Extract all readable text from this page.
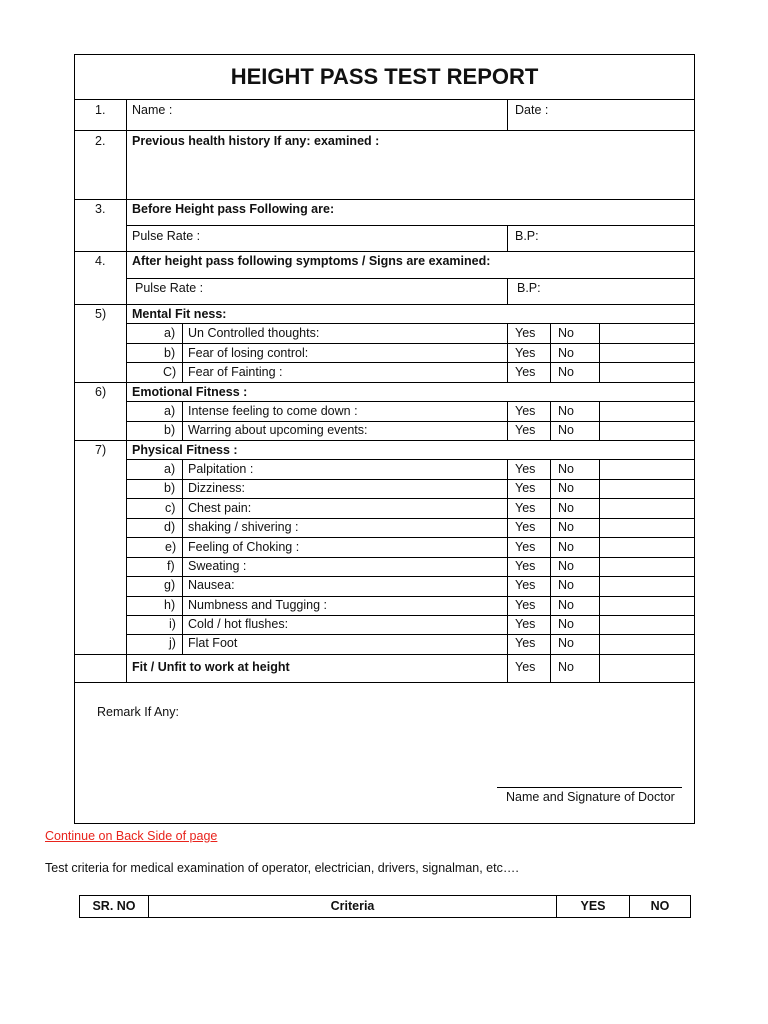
HEIGHT PASS TEST REPORT
1. Name :	Date :
2. Previous health history If any: examined :
3. Before Height pass Following are:
Pulse Rate :	B.P:
4. After height pass following symptoms / Signs are examined:
Pulse Rate :	B.P:
5) Mental Fit ness:
a) Un Controlled thoughts:	Yes No
b) Fear of losing control:	Yes No
C) Fear of Fainting :	Yes No
6) Emotional Fitness :
a) Intense feeling to come down :	Yes No
b) Warring about upcoming events:	Yes No
7) Physical Fitness :
a) Palpitation :	Yes No
b) Dizziness:	Yes No
c) Chest pain:	Yes No
d) shaking / shivering :	Yes No
e) Feeling of Choking :	Yes No
f) Sweating :	Yes No
g) Nausea:	Yes No
h) Numbness and Tugging :	Yes No
i) Cold / hot flushes:	Yes No
j) Flat Foot	Yes No
Fit / Unfit to work at height	Yes No
Remark If Any:
Name and Signature of Doctor
Continue on Back Side of page
Test criteria for medical examination of operator, electrician, drivers, signalman, etc….
SR. NO	Criteria	YES	NO
